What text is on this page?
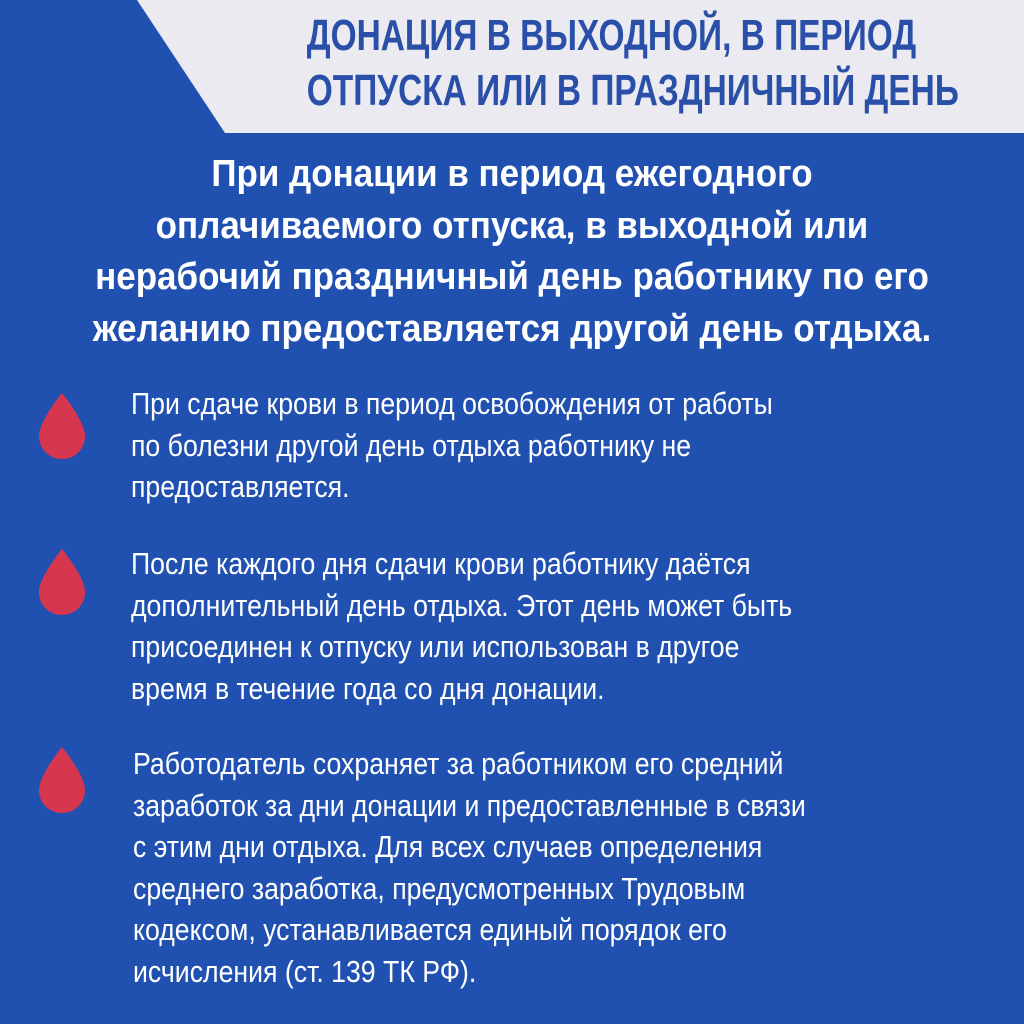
ДОНАЦИЯ В ВЫХОДНОЙ, В ПЕРИОД
ОТПУСКА ИЛИ В ПРАЗДНИЧНЫЙ ДЕНЬ
При донации в период ежегодного
оплачиваемого отпуска, в выходной или
нерабочий праздничный день работнику по его
желанию предоставляется другой день отдыха.
При сдаче крови в период освобождения от работы
по болезни другой день отдыха работнику не
предоставляется.
После каждого дня сдачи крови работнику даётся
дополнительный день отдыха. Этот день может быть
присоединен к отпуску или использован в другое
время в течение года со дня донации.
Работодатель сохраняет за работником его средний
заработок за дни донации и предоставленные в связи
с этим дни отдыха. Для всех случаев определения
среднего заработка, предусмотренных Трудовым
кодексом, устанавливается единый порядок его
исчисления (ст. 139 ТК РФ).
